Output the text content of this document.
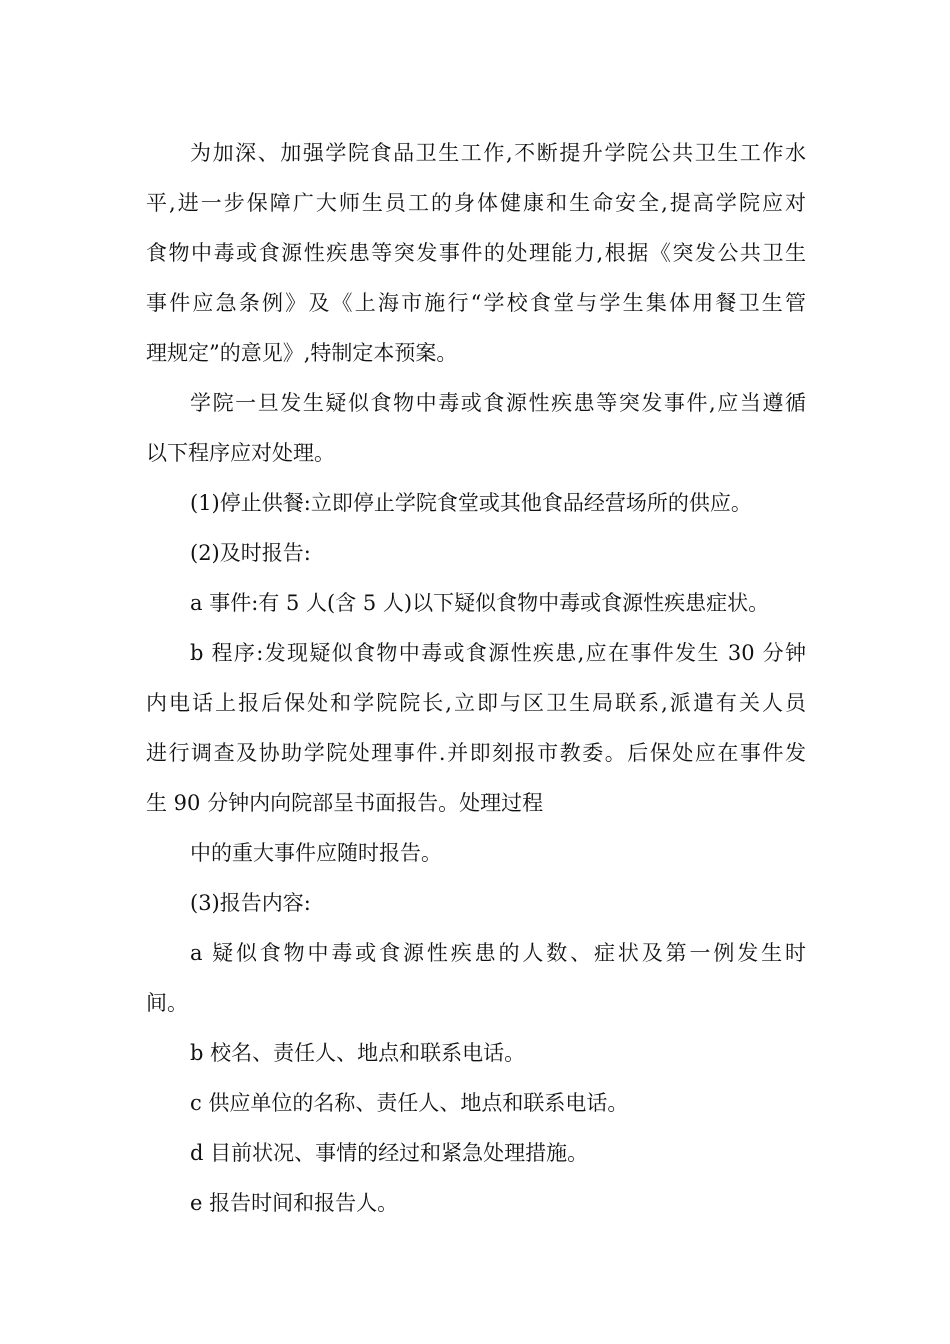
为加深、加强学院食品卫生工作,不断提升学院公共卫生工作水
平,进一步保障广大师生员工的身体健康和生命安全,提高学院应对
食物中毒或食源性疾患等突发事件的处理能力,根据《突发公共卫生
事件应急条例》及《上海市施行“学校食堂与学生集体用餐卫生管
理规定”的意见》,特制定本预案。
学院一旦发生疑似食物中毒或食源性疾患等突发事件,应当遵循
以下程序应对处理。
(1)停止供餐:立即停止学院食堂或其他食品经营场所的供应。
(2)及时报告:
a 事件:有 5 人(含 5 人)以下疑似食物中毒或食源性疾患症状。
b 程序:发现疑似食物中毒或食源性疾患,应在事件发生 30 分钟
内电话上报后保处和学院院长,立即与区卫生局联系,派遣有关人员
进行调查及协助学院处理事件.并即刻报市教委。后保处应在事件发
生 90 分钟内向院部呈书面报告。处理过程
中的重大事件应随时报告。
(3)报告内容:
a 疑似食物中毒或食源性疾患的人数、症状及第一例发生时
间。
b 校名、责任人、地点和联系电话。
c 供应单位的名称、责任人、地点和联系电话。
d 目前状况、事情的经过和紧急处理措施。
e 报告时间和报告人。
